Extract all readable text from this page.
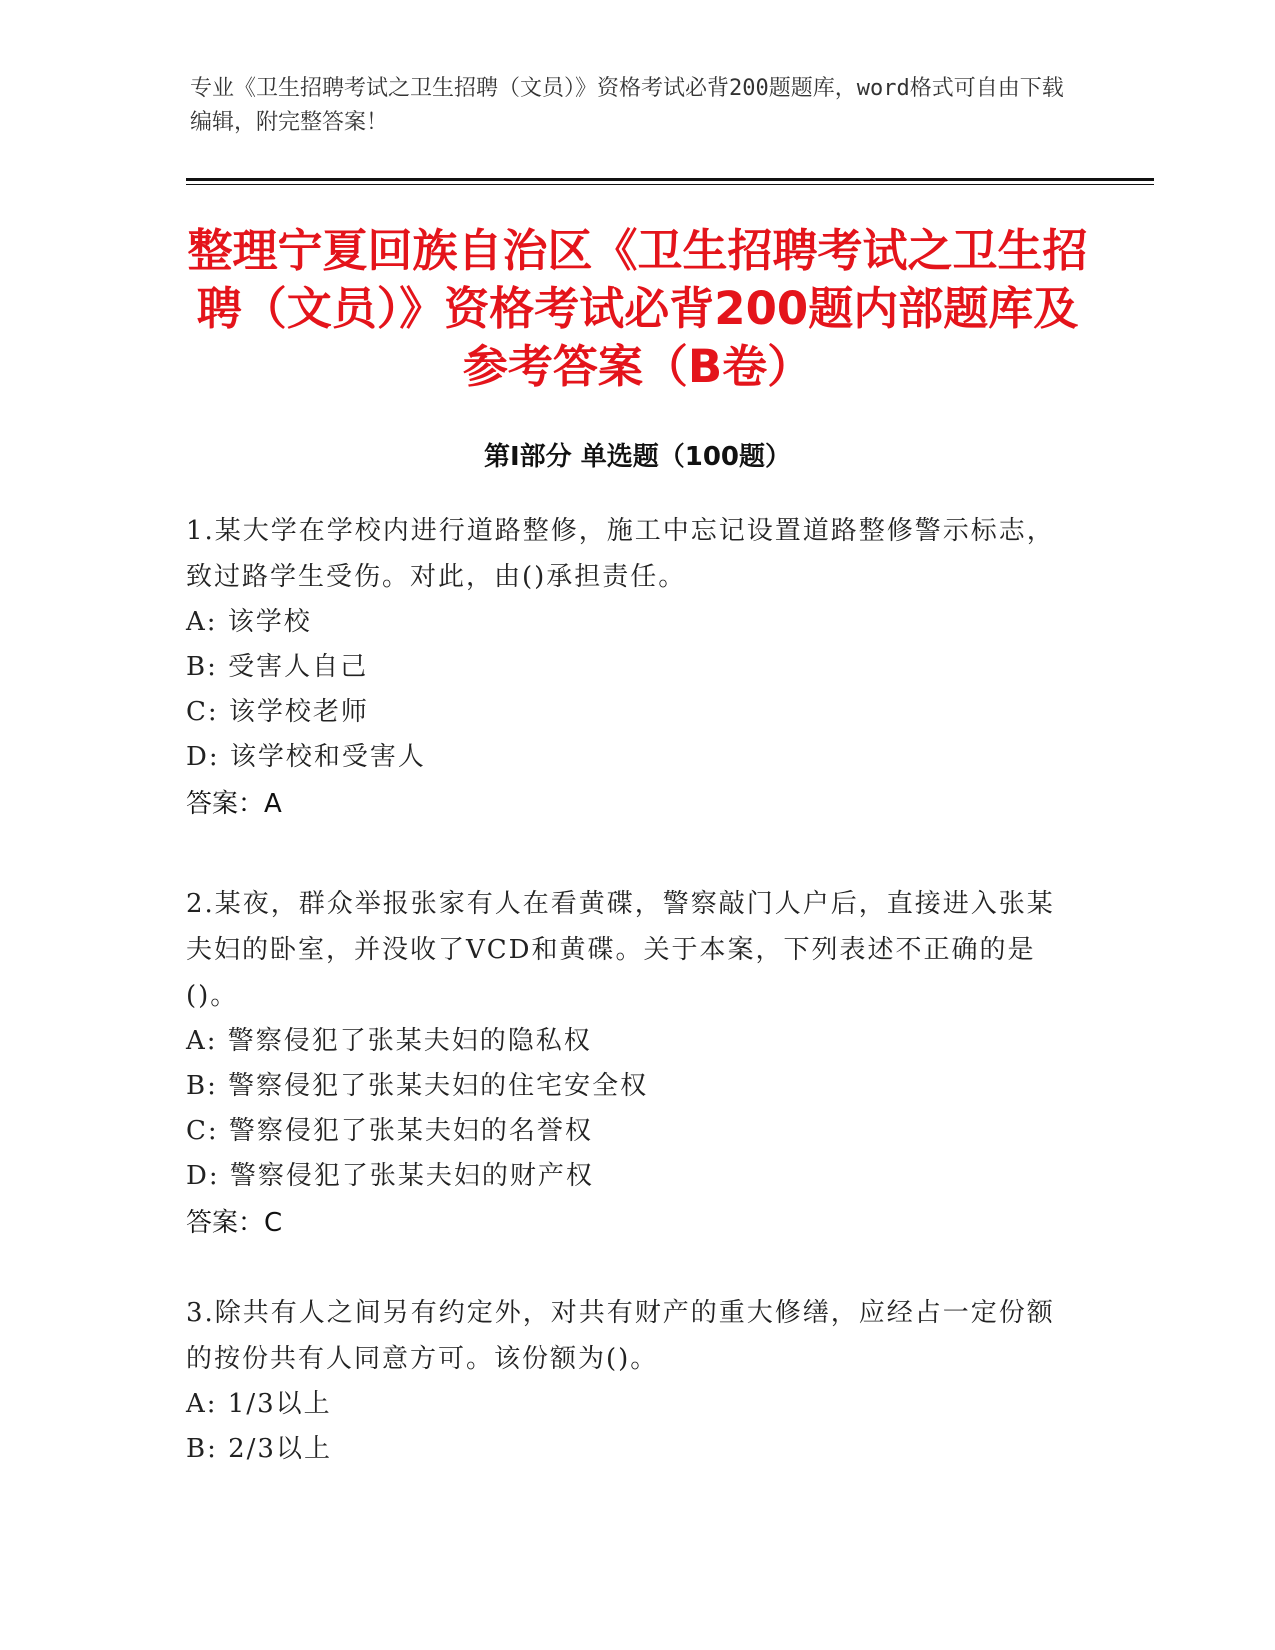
专业《卫生招聘考试之卫生招聘（文员）》资格考试必背200题题库，word格式可自由下载编辑，附完整答案！

整理宁夏回族自治区《卫生招聘考试之卫生招聘（文员）》资格考试必背200题内部题库及参考答案（B卷）
第Ⅰ部分 单选题（100题）

1.某大学在学校内进行道路整修，施工中忘记设置道路整修警示标志，致过路学生受伤。对此，由()承担责任。

A: 该学校

B: 受害人自己

C: 该学校老师

D: 该学校和受害人

答案：A

2.某夜，群众举报张家有人在看黄碟，警察敲门人户后，直接进入张某夫妇的卧室，并没收了VCD和黄碟。关于本案，下列表述不正确的是()。

A: 警察侵犯了张某夫妇的隐私权

B: 警察侵犯了张某夫妇的住宅安全权

C: 警察侵犯了张某夫妇的名誉权

D: 警察侵犯了张某夫妇的财产权

答案：C

3.除共有人之间另有约定外，对共有财产的重大修缮，应经占一定份额的按份共有人同意方可。该份额为()。

A: 1/3以上

B: 2/3以上
